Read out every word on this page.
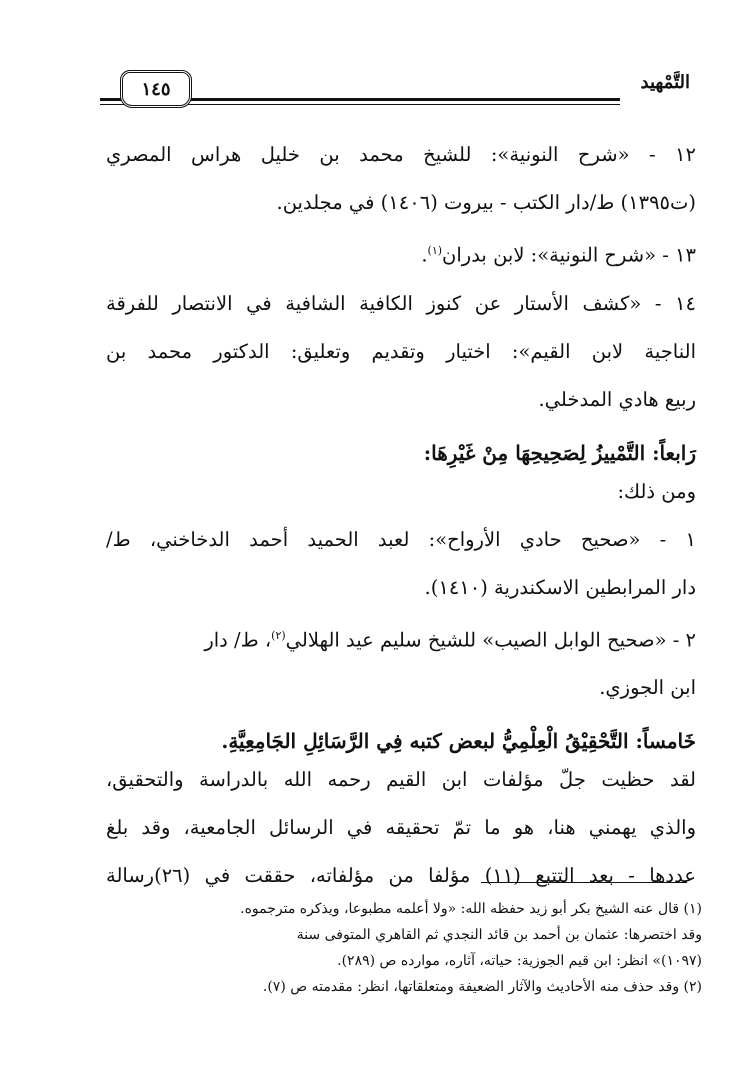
التَّمْهيد
١٤٥

١٢ - «شرح النونية»: للشيخ محمد بن خليل هراس المصري

(ت١٣٩٥) ط/دار الكتب - بيروت (١٤٠٦) في مجلدين.

١٣ - «شرح النونية»: لابن بدران$^{(١)}$.

١٤ - «كشف الأستار عن كنوز الكافية الشافية في الانتصار للفرقة

الناجية لابن القيم»: اختيار وتقديم وتعليق: الدكتور محمد بن

ربيع هادي المدخلي.

رَابعاً: التَّمْييزُ لِصَحِيحِهَا مِنْ غَيْرِهَا:

ومن ذلك:

١ - «صحيح حادي الأرواح»: لعبد الحميد أحمد الدخاخني، ط/

دار المرابطين الاسكندرية (١٤١٠).

٢ - «صحيح الوابل الصيب» للشيخ سليم عيد الهلالي$^{(٢)}$، ط/ دار

ابن الجوزي.

خَامساً: التَّحْقِيْقُ الْعِلْمِيُّ لبعض كتبه فِي الرَّسَائِلِ الجَامِعِيَّةِ.

لقد حظيت جلّ مؤلفات ابن القيم رحمه الله بالدراسة والتحقيق،

والذي يهمني هنا، هو ما تمّ تحقيقه في الرسائل الجامعية، وقد بلغ

عددها - بعد التتبع (١١) مؤلفا من مؤلفاته، حققت في (٢٦)رسالة

(١) قال عنه الشيخ بكر أبو زيد حفظه الله: «ولا أعلمه مطبوعا، ويذكره مترجموه.

وقد اختصرها: عثمان بن أحمد بن قائد النجدي ثم القاهري المتوفى سنة

(١٠٩٧)» انظر: ابن قيم الجوزية: حياته، آثاره، موارده ص (٢٨٩).

(٢) وقد حذف منه الأحاديث والآثار الضعيفة ومتعلقاتها، انظر: مقدمته ص (٧).
